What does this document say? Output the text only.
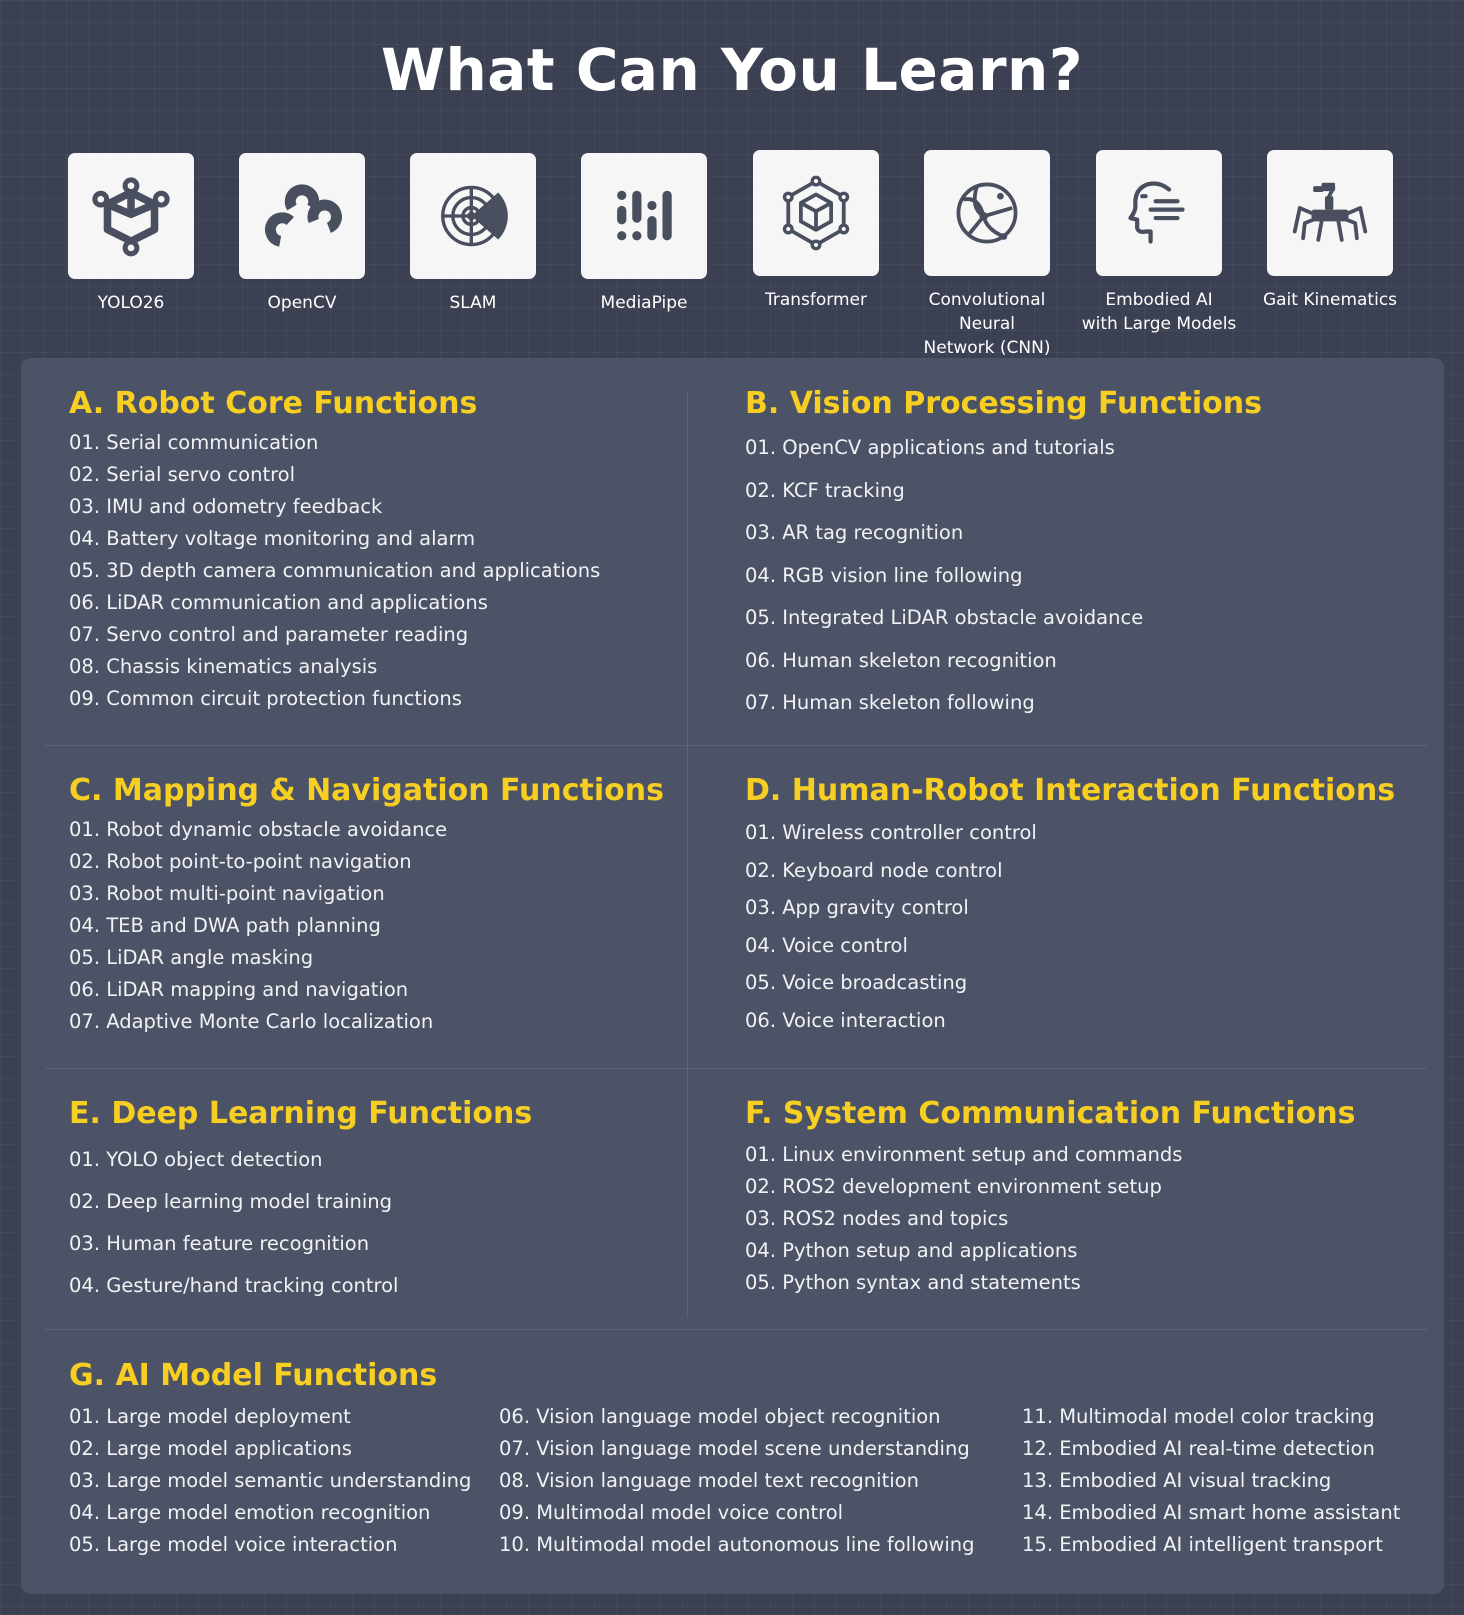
What Can You Learn?
YOLO26	OpenCV	SLAM	MediaPipe	Transformer	Convolutional Neural
Network (CNN)
Embodied AI
with Large Models
Gait Kinematics
A. Robot Core Functions
01. Serial communication
02. Serial servo control
03. IMU and odometry feedback
04. Battery voltage monitoring and alarm
05. 3D depth camera communication and applications
06. LiDAR communication and applications
07. Servo control and parameter reading
08. Chassis kinematics analysis
09. Common circuit protection functions
B. Vision Processing Functions
01. OpenCV applications and tutorials
02. KCF tracking
03. AR tag recognition
04. RGB vision line following
05. Integrated LiDAR obstacle avoidance
06. Human skeleton recognition
07. Human skeleton following
C. Mapping & Navigation Functions
01. Robot dynamic obstacle avoidance
02. Robot point-to-point navigation
03. Robot multi-point navigation
04. TEB and DWA path planning
05. LiDAR angle masking
06. LiDAR mapping and navigation
07. Adaptive Monte Carlo localization
D. Human-Robot Interaction Functions
01. Wireless controller control
02. Keyboard node control
03. App gravity control
04. Voice control
05. Voice broadcasting
06. Voice interaction
E. Deep Learning Functions
01. YOLO object detection
02. Deep learning model training
03. Human feature recognition
04. Gesture/hand tracking control
F. System Communication Functions
01. Linux environment setup and commands
02. ROS2 development environment setup
03. ROS2 nodes and topics
04. Python setup and applications
05. Python syntax and statements
G. AI Model Functions
01. Large model deployment
02. Large model applications
03. Large model semantic understanding
04. Large model emotion recognition
05. Large model voice interaction
06. Vision language model object recognition
07. Vision language model scene understanding
08. Vision language model text recognition
09. Multimodal model voice control
10. Multimodal model autonomous line following
11. Multimodal model color tracking
12. Embodied AI real-time detection
13. Embodied AI visual tracking
14. Embodied AI smart home assistant
15. Embodied AI intelligent transport
